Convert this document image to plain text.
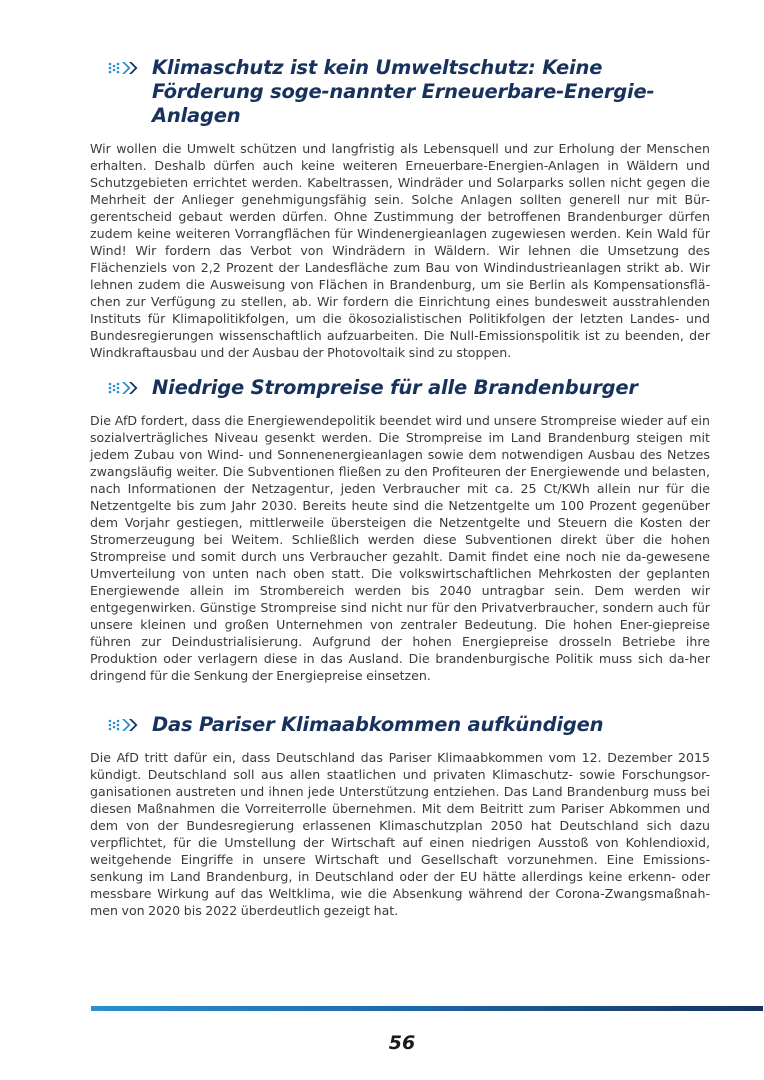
Klimaschutz ist kein Umweltschutz: Keine Förderung soge-nannter Erneuerbare-Energie-Anlagen

Wir wollen die Umwelt schützen und langfristig als Lebensquell und zur Erholung der Menschen erhalten. Deshalb dürfen auch keine weiteren Erneuerbare-Energien-Anlagen in Wäldern und Schutzgebieten errichtet werden. Kabeltrassen, Windräder und Solarparks sollen nicht gegen die Mehrheit der Anlieger genehmigungsfähig sein. Solche Anlagen sollten generell nur mit Bür-gerentscheid gebaut werden dürfen. Ohne Zustimmung der betroffenen Brandenburger dürfen zudem keine weiteren Vorrangflächen für Windenergieanlagen zugewiesen werden. Kein Wald für Wind! Wir fordern das Verbot von Windrädern in Wäldern. Wir lehnen die Umsetzung des Flächenziels von 2,2 Prozent der Landesfläche zum Bau von Windindustrieanlagen strikt ab. Wir lehnen zudem die Ausweisung von Flächen in Brandenburg, um sie Berlin als Kompensationsflä-chen zur Verfügung zu stellen, ab. Wir fordern die Einrichtung eines bundesweit ausstrahlenden Instituts für Klimapolitikfolgen, um die ökosozialistischen Politikfolgen der letzten Landes- und Bundesregierungen wissenschaftlich aufzuarbeiten. Die Null-Emissionspolitik ist zu beenden, der Windkraftausbau und der Ausbau der Photovoltaik sind zu stoppen.

Niedrige Strompreise für alle Brandenburger

Die AfD fordert, dass die Energiewendepolitik beendet wird und unsere Strompreise wieder auf ein sozialverträgliches Niveau gesenkt werden. Die Strompreise im Land Brandenburg steigen mit jedem Zubau von Wind- und Sonnenenergieanlagen sowie dem notwendigen Ausbau des Netzes zwangsläufig weiter. Die Subventionen fließen zu den Profiteuren der Energiewende und belasten, nach Informationen der Netzagentur, jeden Verbraucher mit ca. 25 Ct/KWh allein nur für die Netzentgelte bis zum Jahr 2030. Bereits heute sind die Netzentgelte um 100 Prozent gegenüber dem Vorjahr gestiegen, mittlerweile übersteigen die Netzentgelte und Steuern die Kosten der Stromerzeugung bei Weitem. Schließlich werden diese Subventionen direkt über die hohen Strompreise und somit durch uns Verbraucher gezahlt. Damit findet eine noch nie da-gewesene Umverteilung von unten nach oben statt. Die volkswirtschaftlichen Mehrkosten der geplanten Energiewende allein im Strombereich werden bis 2040 untragbar sein. Dem werden wir entgegenwirken. Günstige Strompreise sind nicht nur für den Privatverbraucher, sondern auch für unsere kleinen und großen Unternehmen von zentraler Bedeutung. Die hohen Ener-giepreise führen zur Deindustrialisierung. Aufgrund der hohen Energiepreise drosseln Betriebe ihre Produktion oder verlagern diese in das Ausland. Die brandenburgische Politik muss sich da-her dringend für die Senkung der Energiepreise einsetzen.

Das Pariser Klimaabkommen aufkündigen

Die AfD tritt dafür ein, dass Deutschland das Pariser Klimaabkommen vom 12. Dezember 2015 kündigt. Deutschland soll aus allen staatlichen und privaten Klimaschutz- sowie Forschungsor-ganisationen austreten und ihnen jede Unterstützung entziehen. Das Land Brandenburg muss bei diesen Maßnahmen die Vorreiterrolle übernehmen. Mit dem Beitritt zum Pariser Abkommen und dem von der Bundesregierung erlassenen Klimaschutzplan 2050 hat Deutschland sich dazu verpflichtet, für die Umstellung der Wirtschaft auf einen niedrigen Ausstoß von Kohlendioxid, weitgehende Eingriffe in unsere Wirtschaft und Gesellschaft vorzunehmen. Eine Emissions-senkung im Land Brandenburg, in Deutschland oder der EU hätte allerdings keine erkenn- oder messbare Wirkung auf das Weltklima, wie die Absenkung während der Corona-Zwangsmaßnah-men von 2020 bis 2022 überdeutlich gezeigt hat.

56
